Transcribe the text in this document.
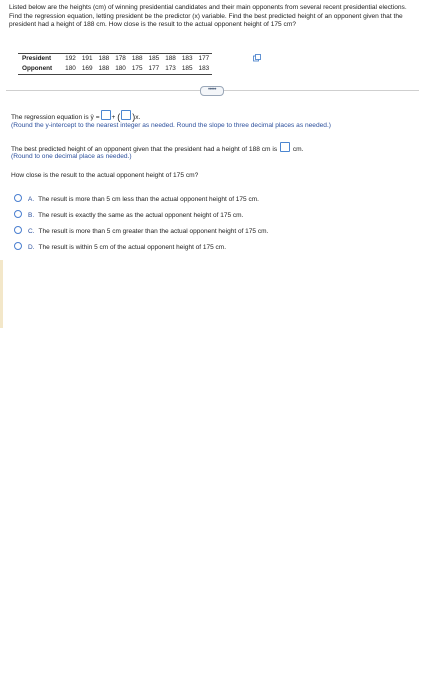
Listed below are the heights (cm) of winning presidential candidates and their main opponents from several recent presidential elections. Find the regression equation, letting president be the predictor (x) variable. Find the best predicted height of an opponent given that the president had a height of 188 cm. How close is the result to the actual opponent height of 175 cm?
President	192	191	188	178	188	185	188	183	177
Opponent	180	169	188	180	175	177	173	185	183
•••••
The regression equation is ŷ = + ( )x.
(Round the y-intercept to the nearest integer as needed. Round the slope to three decimal places as needed.)
The best predicted height of an opponent given that the president had a height of 188 cm is cm.
(Round to one decimal place as needed.)
How close is the result to the actual opponent height of 175 cm?
A. The result is more than 5 cm less than the actual opponent height of 175 cm.
B. The result is exactly the same as the actual opponent height of 175 cm.
C. The result is more than 5 cm greater than the actual opponent height of 175 cm.
D. The result is within 5 cm of the actual opponent height of 175 cm.
